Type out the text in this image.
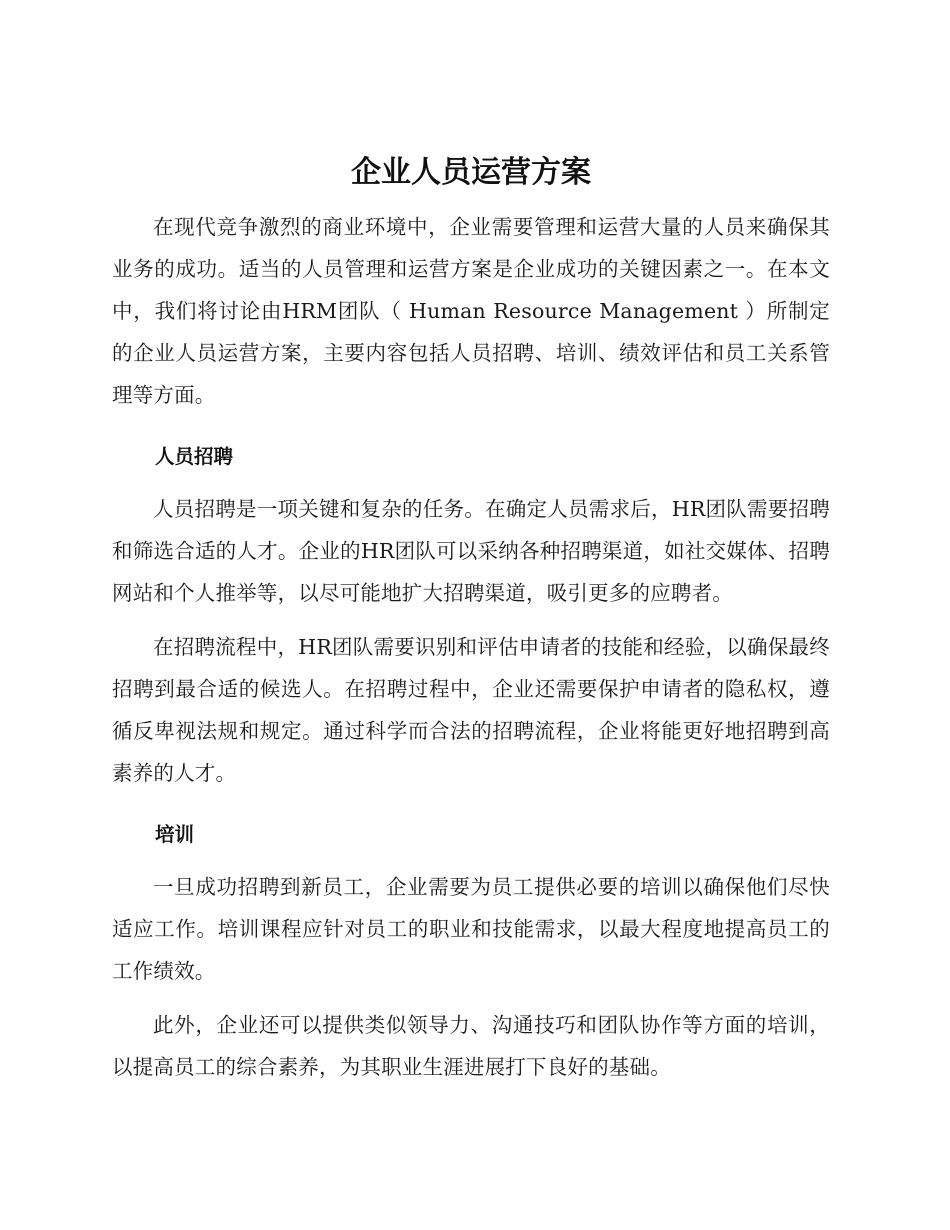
企业人员运营方案

在现代竞争激烈的商业环境中，企业需要管理和运营大量的人员来确保其业务的成功。适当的人员管理和运营方案是企业成功的关键因素之一。在本文中，我们将讨论由HRM团队（ Human Resource Management ）所制定的企业人员运营方案，主要内容包括人员招聘、培训、绩效评估和员工关系管理等方面。

人员招聘

人员招聘是一项关键和复杂的任务。在确定人员需求后，HR团队需要招聘和筛选合适的人才。企业的HR团队可以采纳各种招聘渠道，如社交媒体、招聘网站和个人推举等，以尽可能地扩大招聘渠道，吸引更多的应聘者。

在招聘流程中，HR团队需要识别和评估申请者的技能和经验，以确保最终招聘到最合适的候选人。在招聘过程中，企业还需要保护申请者的隐私权，遵循反卑视法规和规定。通过科学而合法的招聘流程，企业将能更好地招聘到高素养的人才。

培训

一旦成功招聘到新员工，企业需要为员工提供必要的培训以确保他们尽快适应工作。培训课程应针对员工的职业和技能需求，以最大程度地提高员工的工作绩效。

此外，企业还可以提供类似领导力、沟通技巧和团队协作等方面的培训，以提高员工的综合素养，为其职业生涯进展打下良好的基础。
